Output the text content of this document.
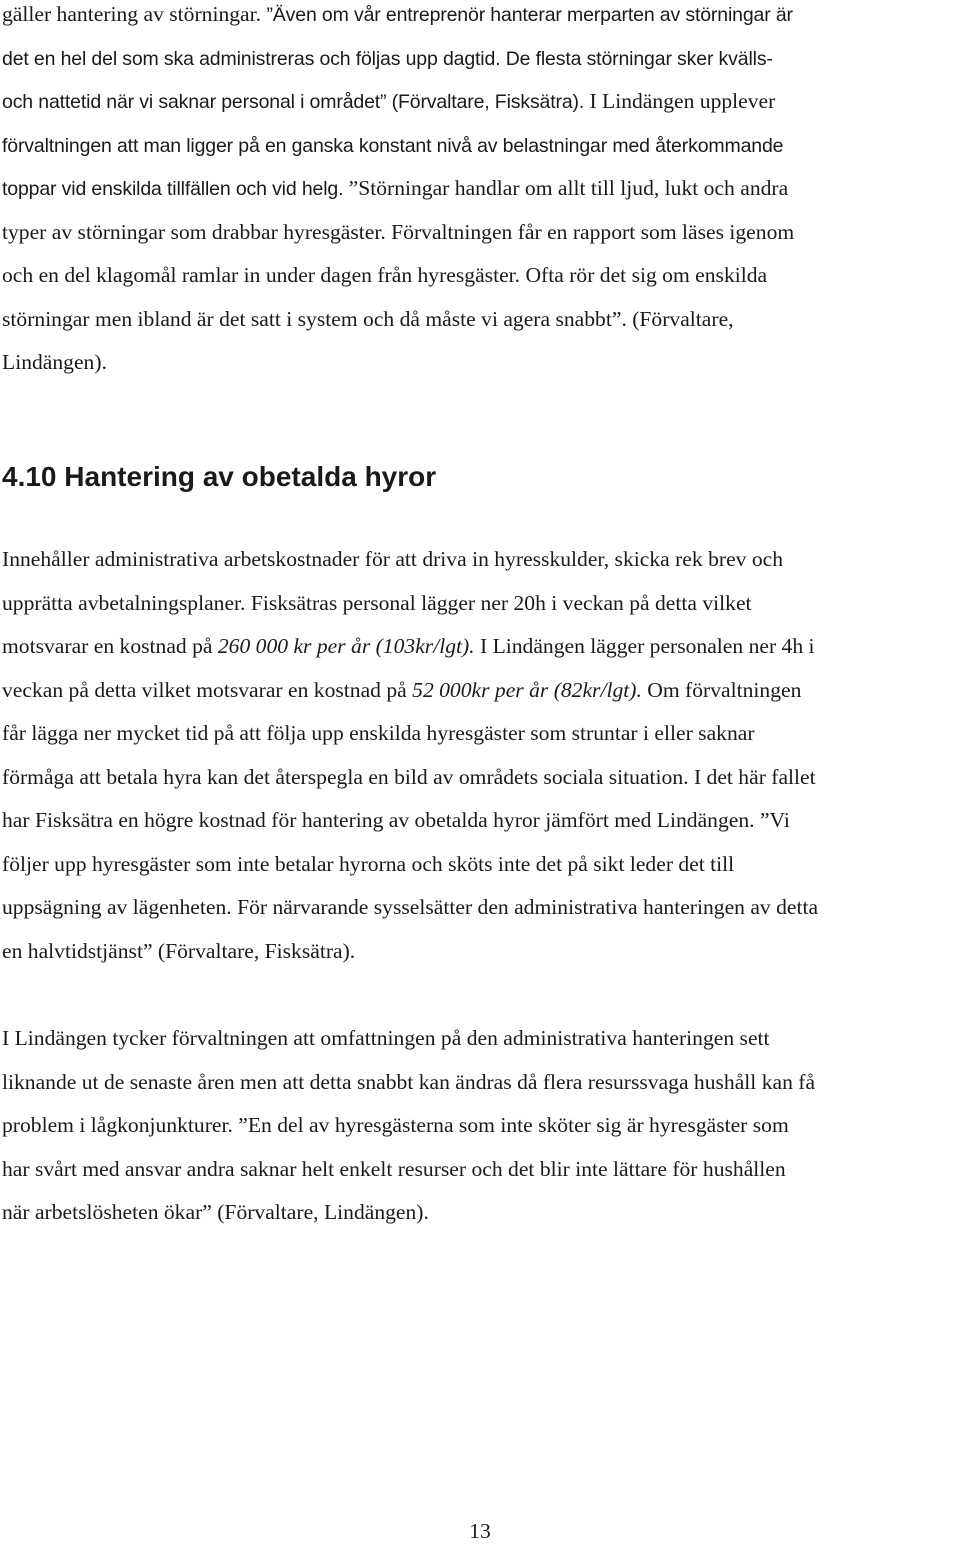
gäller hantering av störningar. ”Även om vår entreprenör hanterar merparten av störningar är
det en hel del som ska administreras och följas upp dagtid. De flesta störningar sker kvälls-
och nattetid när vi saknar personal i området” (Förvaltare, Fisksätra). I Lindängen upplever
förvaltningen att man ligger på en ganska konstant nivå av belastningar med återkommande
toppar vid enskilda tillfällen och vid helg. ”Störningar handlar om allt till ljud, lukt och andra
typer av störningar som drabbar hyresgäster. Förvaltningen får en rapport som läses igenom
och en del klagomål ramlar in under dagen från hyresgäster. Ofta rör det sig om enskilda
störningar men ibland är det satt i system och då måste vi agera snabbt”. (Förvaltare,
Lindängen).
4.10 Hantering av obetalda hyror
Innehåller administrativa arbetskostnader för att driva in hyresskulder, skicka rek brev och
upprätta avbetalningsplaner. Fisksätras personal lägger ner 20h i veckan på detta vilket
motsvarar en kostnad på 260 000 kr per år (103kr/lgt). I Lindängen lägger personalen ner 4h i
veckan på detta vilket motsvarar en kostnad på 52 000kr per år (82kr/lgt). Om förvaltningen
får lägga ner mycket tid på att följa upp enskilda hyresgäster som struntar i eller saknar
förmåga att betala hyra kan det återspegla en bild av områdets sociala situation. I det här fallet
har Fisksätra en högre kostnad för hantering av obetalda hyror jämfört med Lindängen. ”Vi
följer upp hyresgäster som inte betalar hyrorna och sköts inte det på sikt leder det till
uppsägning av lägenheten. För närvarande sysselsätter den administrativa hanteringen av detta
en halvtidstjänst” (Förvaltare, Fisksätra).
I Lindängen tycker förvaltningen att omfattningen på den administrativa hanteringen sett
liknande ut de senaste åren men att detta snabbt kan ändras då flera resurssvaga hushåll kan få
problem i lågkonjunkturer. ”En del av hyresgästerna som inte sköter sig är hyresgäster som
har svårt med ansvar andra saknar helt enkelt resurser och det blir inte lättare för hushållen
när arbetslösheten ökar” (Förvaltare, Lindängen).
13
